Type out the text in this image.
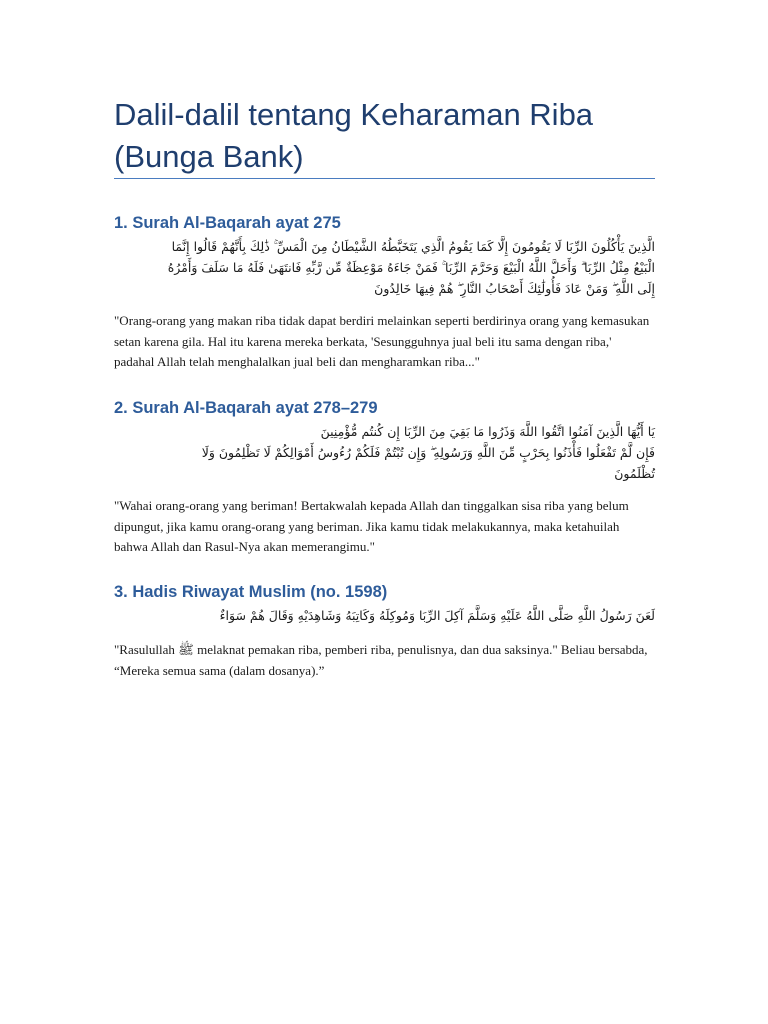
Dalil-dalil tentang Keharaman Riba (Bunga Bank)
1. Surah Al-Baqarah ayat 275

الَّذِينَ يَأْكُلُونَ الرِّبَا لَا يَقُومُونَ إِلَّا كَمَا يَقُومُ الَّذِي يَتَخَبَّطُهُ الشَّيْطَانُ مِنَ الْمَسِّ ۚ ذَٰلِكَ بِأَنَّهُمْ قَالُوا إِنَّمَا
الْبَيْعُ مِثْلُ الرِّبَا ۗ وَأَحَلَّ اللَّهُ الْبَيْعَ وَحَرَّمَ الرِّبَا ۚ فَمَنْ جَاءَهُ مَوْعِظَةٌ مِّن رَّبِّهِ فَانتَهَىٰ فَلَهُ مَا سَلَفَ وَأَمْرُهُ
إِلَى اللَّهِ ۖ وَمَنْ عَادَ فَأُولَٰئِكَ أَصْحَابُ النَّارِ ۖ هُمْ فِيهَا خَالِدُونَ

"Orang-orang yang makan riba tidak dapat berdiri melainkan seperti berdirinya orang yang kemasukan setan karena gila. Hal itu karena mereka berkata, 'Sesungguhnya jual beli itu sama dengan riba,' padahal Allah telah menghalalkan jual beli dan mengharamkan riba..."

2. Surah Al-Baqarah ayat 278–279

يَا أَيُّهَا الَّذِينَ آمَنُوا اتَّقُوا اللَّهَ وَذَرُوا مَا بَقِيَ مِنَ الرِّبَا إِن كُنتُم مُّؤْمِنِينَ
فَإِن لَّمْ تَفْعَلُوا فَأْذَنُوا بِحَرْبٍ مِّنَ اللَّهِ وَرَسُولِهِ ۖ وَإِن تُبْتُمْ فَلَكُمْ رُءُوسُ أَمْوَالِكُمْ لَا تَظْلِمُونَ وَلَا
تُظْلَمُونَ

"Wahai orang-orang yang beriman! Bertakwalah kepada Allah dan tinggalkan sisa riba yang belum dipungut, jika kamu orang-orang yang beriman. Jika kamu tidak melakukannya, maka ketahuilah bahwa Allah dan Rasul-Nya akan memerangimu."

3. Hadis Riwayat Muslim (no. 1598)

لَعَنَ رَسُولُ اللَّهِ صَلَّى اللَّهُ عَلَيْهِ وَسَلَّمَ آكِلَ الرِّبَا وَمُوكِلَهُ وَكَاتِبَهُ وَشَاهِدَيْهِ وَقَالَ هُمْ سَوَاءٌ

"Rasulullah ﷺ melaknat pemakan riba, pemberi riba, penulisnya, dan dua saksinya." Beliau bersabda, “Mereka semua sama (dalam dosanya).”
